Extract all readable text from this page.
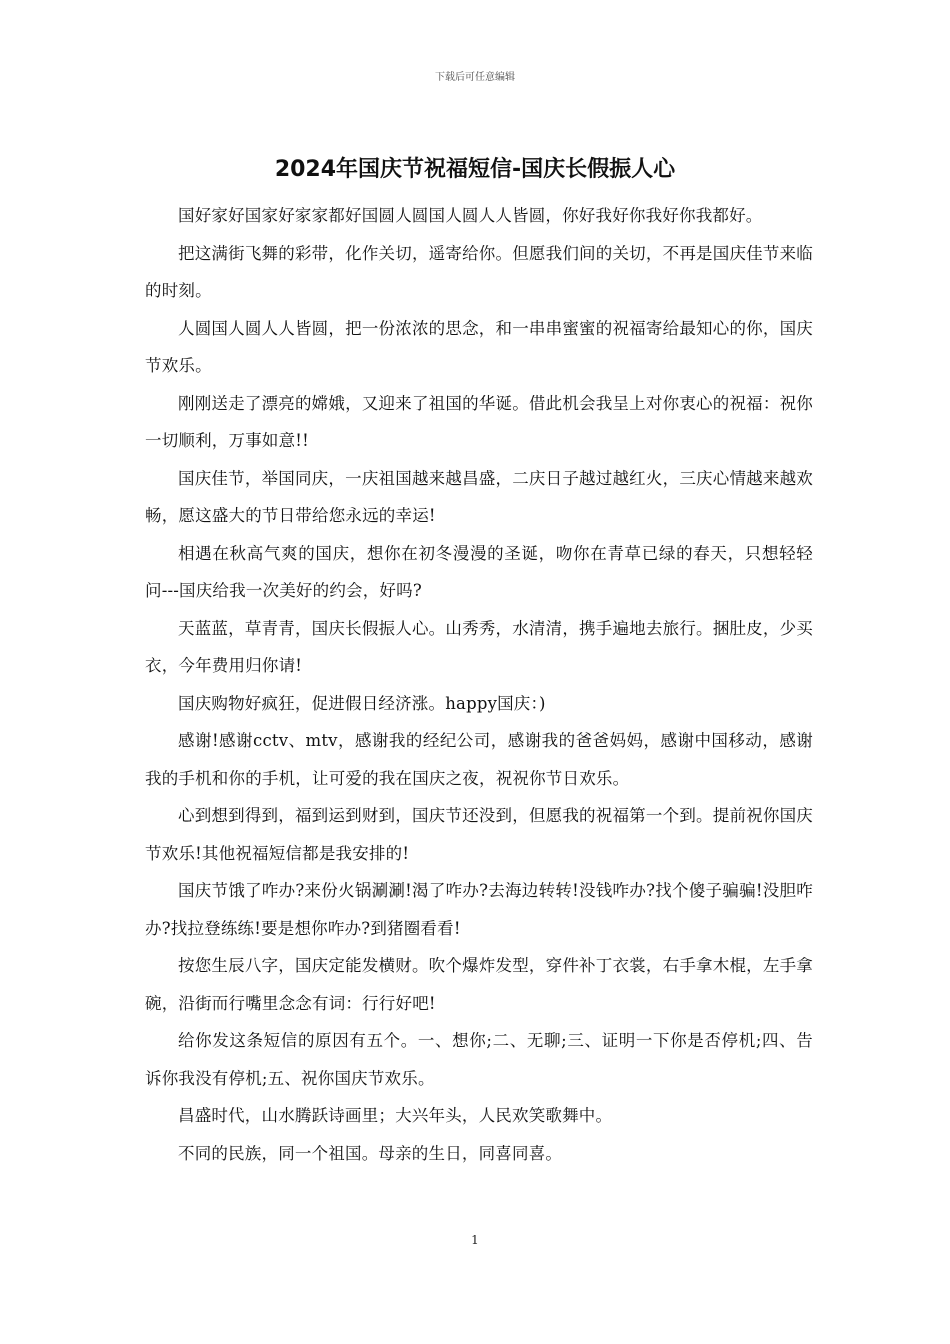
下载后可任意编辑
2024年国庆节祝福短信-国庆长假振人心

国好家好国家好家家都好国圆人圆国人圆人人皆圆，你好我好你我好你我都好。

把这满街飞舞的彩带，化作关切，遥寄给你。但愿我们间的关切，不再是国庆佳节来临的时刻。

人圆国人圆人人皆圆，把一份浓浓的思念，和一串串蜜蜜的祝福寄给最知心的你，国庆节欢乐。

刚刚送走了漂亮的嫦娥，又迎来了祖国的华诞。借此机会我呈上对你衷心的祝福：祝你一切顺利，万事如意!!

国庆佳节，举国同庆，一庆祖国越来越昌盛，二庆日子越过越红火，三庆心情越来越欢畅，愿这盛大的节日带给您永远的幸运!

相遇在秋高气爽的国庆，想你在初冬漫漫的圣诞，吻你在青草已绿的春天，只想轻轻问---国庆给我一次美好的约会，好吗?

天蓝蓝，草青青，国庆长假振人心。山秀秀，水清清，携手遍地去旅行。捆肚皮，少买衣，今年费用归你请!

国庆购物好疯狂，促进假日经济涨。happy国庆：)

感谢!感谢cctv、mtv，感谢我的经纪公司，感谢我的爸爸妈妈，感谢中国移动，感谢我的手机和你的手机，让可爱的我在国庆之夜，祝祝你节日欢乐。

心到想到得到，福到运到财到，国庆节还没到，但愿我的祝福第一个到。提前祝你国庆节欢乐!其他祝福短信都是我安排的!

国庆节饿了咋办?来份火锅涮涮!渴了咋办?去海边转转!没钱咋办?找个傻子骗骗!没胆咋办?找拉登练练!要是想你咋办?到猪圈看看!

按您生辰八字，国庆定能发横财。吹个爆炸发型，穿件补丁衣裳，右手拿木棍，左手拿碗，沿街而行嘴里念念有词：行行好吧!

给你发这条短信的原因有五个。一、想你;二、无聊;三、证明一下你是否停机;四、告诉你我没有停机;五、祝你国庆节欢乐。

昌盛时代，山水腾跃诗画里；大兴年头，人民欢笑歌舞中。

不同的民族，同一个祖国。母亲的生日，同喜同喜。

1
